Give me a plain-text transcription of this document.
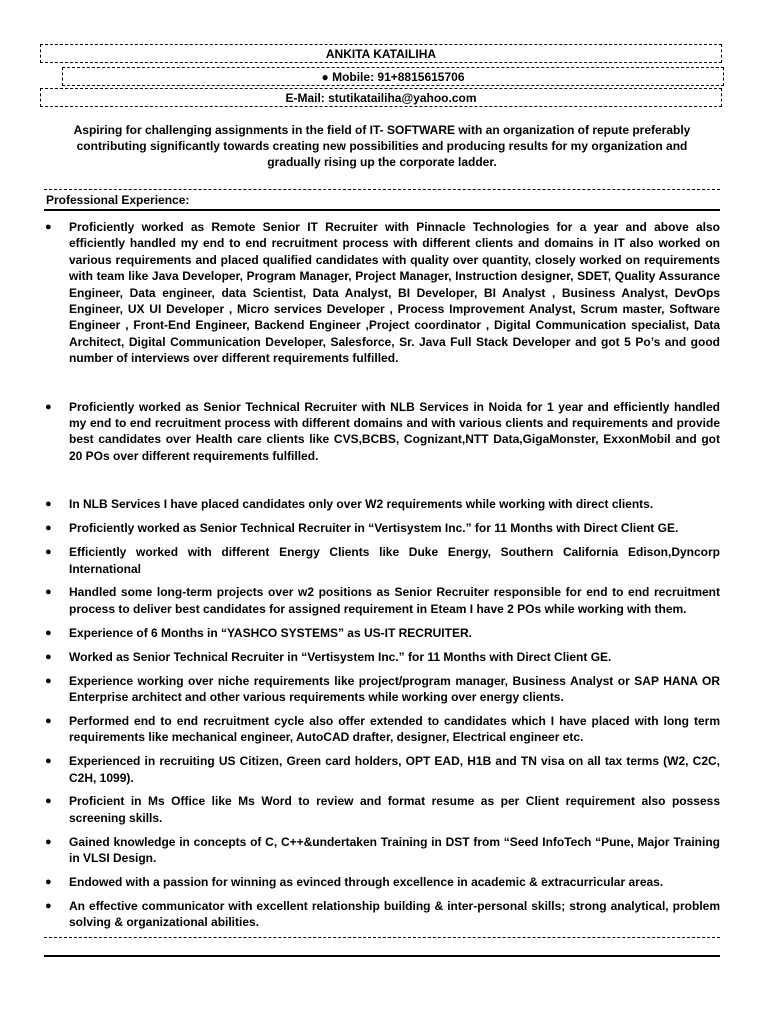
ANKITA KATAILIHA
● Mobile: 91+8815615706
E-Mail: stutikatailiha@yahoo.com
Aspiring for challenging assignments in the field of IT- SOFTWARE with an organization of repute preferably contributing significantly towards creating new possibilities and producing results for my organization and gradually rising up the corporate ladder.
Professional Experience:
● Proficiently worked as Remote Senior IT Recruiter with Pinnacle Technologies for a year and above also efficiently handled my end to end recruitment process with different clients and domains in IT also worked on various requirements and placed qualified candidates with quality over quantity, closely worked on requirements with team like Java Developer, Program Manager, Project Manager, Instruction designer, SDET, Quality Assurance Engineer, Data engineer, data Scientist, Data Analyst, BI Developer, BI Analyst , Business Analyst, DevOps Engineer, UX UI Developer , Micro services Developer , Process Improvement Analyst, Scrum master, Software Engineer , Front-End Engineer, Backend Engineer ,Project coordinator , Digital Communication specialist, Data Architect, Digital Communication Developer, Salesforce, Sr. Java Full Stack Developer and got 5 Po’s and good number of interviews over different requirements fulfilled.
● Proficiently worked as Senior Technical Recruiter with NLB Services in Noida for 1 year and efficiently handled my end to end recruitment process with different domains and with various clients and requirements and provide best candidates over Health care clients like CVS,BCBS, Cognizant,NTT Data,GigaMonster, ExxonMobil and got 20 POs over different requirements fulfilled.
● In NLB Services I have placed candidates only over W2 requirements while working with direct clients.
● Proficiently worked as Senior Technical Recruiter in “Vertisystem Inc.” for 11 Months with Direct Client GE.
● Efficiently worked with different Energy Clients like Duke Energy, Southern California Edison,Dyncorp International
● Handled some long-term projects over w2 positions as Senior Recruiter responsible for end to end recruitment process to deliver best candidates for assigned requirement in Eteam I have 2 POs while working with them.
● Experience of 6 Months in “YASHCO SYSTEMS” as US-IT RECRUITER.
● Worked as Senior Technical Recruiter in “Vertisystem Inc.” for 11 Months with Direct Client GE.
● Experience working over niche requirements like project/program manager, Business Analyst or SAP HANA OR Enterprise architect and other various requirements while working over energy clients.
● Performed end to end recruitment cycle also offer extended to candidates which I have placed with long term requirements like mechanical engineer, AutoCAD drafter, designer, Electrical engineer etc.
● Experienced in recruiting US Citizen, Green card holders, OPT EAD, H1B and TN visa on all tax terms (W2, C2C, C2H, 1099).
● Proficient in Ms Office like Ms Word to review and format resume as per Client requirement also possess screening skills.
● Gained knowledge in concepts of C, C++&undertaken Training in DST from “Seed InfoTech “Pune, Major Training in VLSI Design.
● Endowed with a passion for winning as evinced through excellence in academic & extracurricular areas.
● An effective communicator with excellent relationship building & inter-personal skills; strong analytical, problem solving & organizational abilities.
